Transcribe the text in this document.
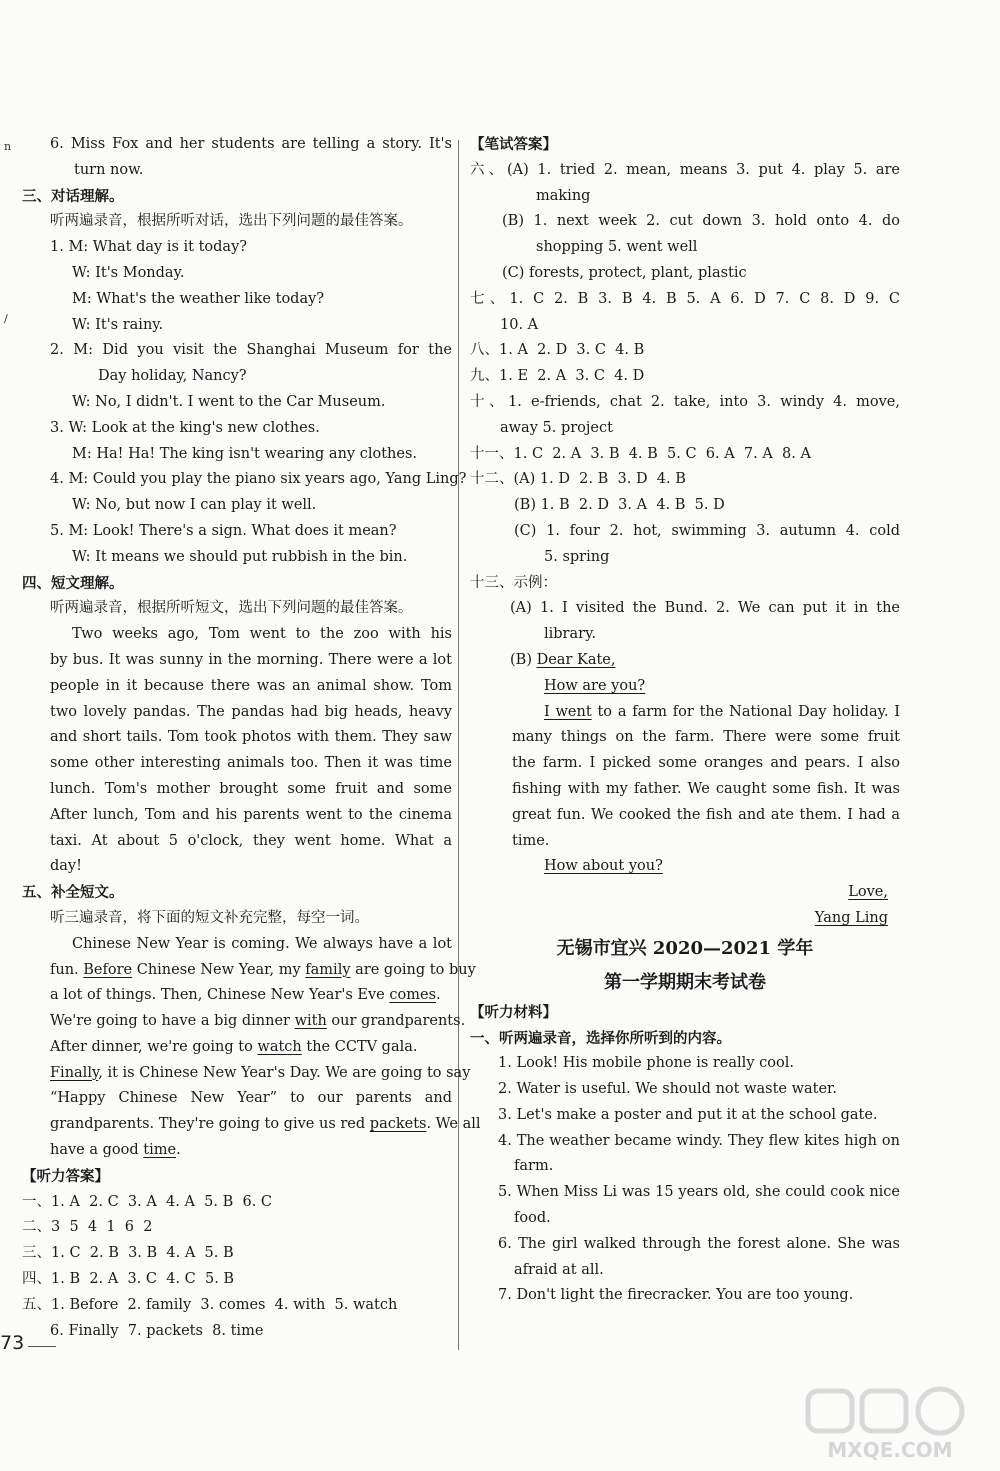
n
/
6. Miss Fox and her students are telling a story. It's
turn now.
三、对话理解。
听两遍录音，根据所听对话，选出下列问题的最佳答案。
1. M: What day is it today?
W: It's Monday.
M: What's the weather like today?
W: It's rainy.
2. M: Did you visit the Shanghai Museum for the
Day holiday, Nancy?
W: No, I didn't. I went to the Car Museum.
3. W: Look at the king's new clothes.
M: Ha! Ha! The king isn't wearing any clothes.
4. M: Could you play the piano six years ago, Yang Ling?
W: No, but now I can play it well.
5. M: Look! There's a sign. What does it mean?
W: It means we should put rubbish in the bin.
四、短文理解。
听两遍录音，根据所听短文，选出下列问题的最佳答案。
Two weeks ago, Tom went to the zoo with his
by bus. It was sunny in the morning. There were a lot
people in it because there was an animal show. Tom
two lovely pandas. The pandas had big heads, heavy
and short tails. Tom took photos with them. They saw
some other interesting animals too. Then it was time
lunch. Tom's mother brought some fruit and some
After lunch, Tom and his parents went to the cinema
taxi. At about 5 o'clock, they went home. What a
day!
五、补全短文。
听三遍录音，将下面的短文补充完整，每空一词。
Chinese New Year is coming. We always have a lot
fun. Before Chinese New Year, my family are going to buy
a lot of things. Then, Chinese New Year's Eve comes.
We're going to have a big dinner with our grandparents.
After dinner, we're going to watch the CCTV gala.
Finally, it is Chinese New Year's Day. We are going to say
“Happy Chinese New Year” to our parents and
grandparents. They're going to give us red packets. We all
have a good time.
【听力答案】
一、1. A  2. C  3. A  4. A  5. B  6. C
二、3  5  4  1  6  2
三、1. C  2. B  3. B  4. A  5. B
四、1. B  2. A  3. C  4. C  5. B
五、1. Before  2. family  3. comes  4. with  5. watch
6. Finally  7. packets  8. time
【笔试答案】
六、(A) 1. tried 2. mean, means 3. put 4. play 5. are
making
(B) 1. next week 2. cut down 3. hold onto 4. do
shopping 5. went well
(C) forests, protect, plant, plastic
七、1. C 2. B 3. B 4. B 5. A 6. D 7. C 8. D 9. C
10. A
八、1. A  2. D  3. C  4. B
九、1. E  2. A  3. C  4. D
十、1. e-friends, chat 2. take, into 3. windy 4. move,
away 5. project
十一、1. C  2. A  3. B  4. B  5. C  6. A  7. A  8. A
十二、(A) 1. D  2. B  3. D  4. B
(B) 1. B  2. D  3. A  4. B  5. D
(C) 1. four 2. hot, swimming 3. autumn 4. cold
5. spring
十三、示例：
(A) 1. I visited the Bund. 2. We can put it in the
library.
(B) Dear Kate,
How are you?
I went to a farm for the National Day holiday. I
many things on the farm. There were some fruit
the farm. I picked some oranges and pears. I also
fishing with my father. We caught some fish. It was
great fun. We cooked the fish and ate them. I had a
time.
How about you?
Love,
Yang Ling
无锡市宜兴 2020—2021 学年
第一学期期末考试卷
【听力材料】
一、听两遍录音，选择你所听到的内容。
1. Look! His mobile phone is really cool.
2. Water is useful. We should not waste water.
3. Let's make a poster and put it at the school gate.
4. The weather became windy. They flew kites high on
farm.
5. When Miss Li was 15 years old, she could cook nice
food.
6. The girl walked through the forest alone. She was
afraid at all.
7. Don't light the firecracker. You are too young.
73
MXQE.COM
